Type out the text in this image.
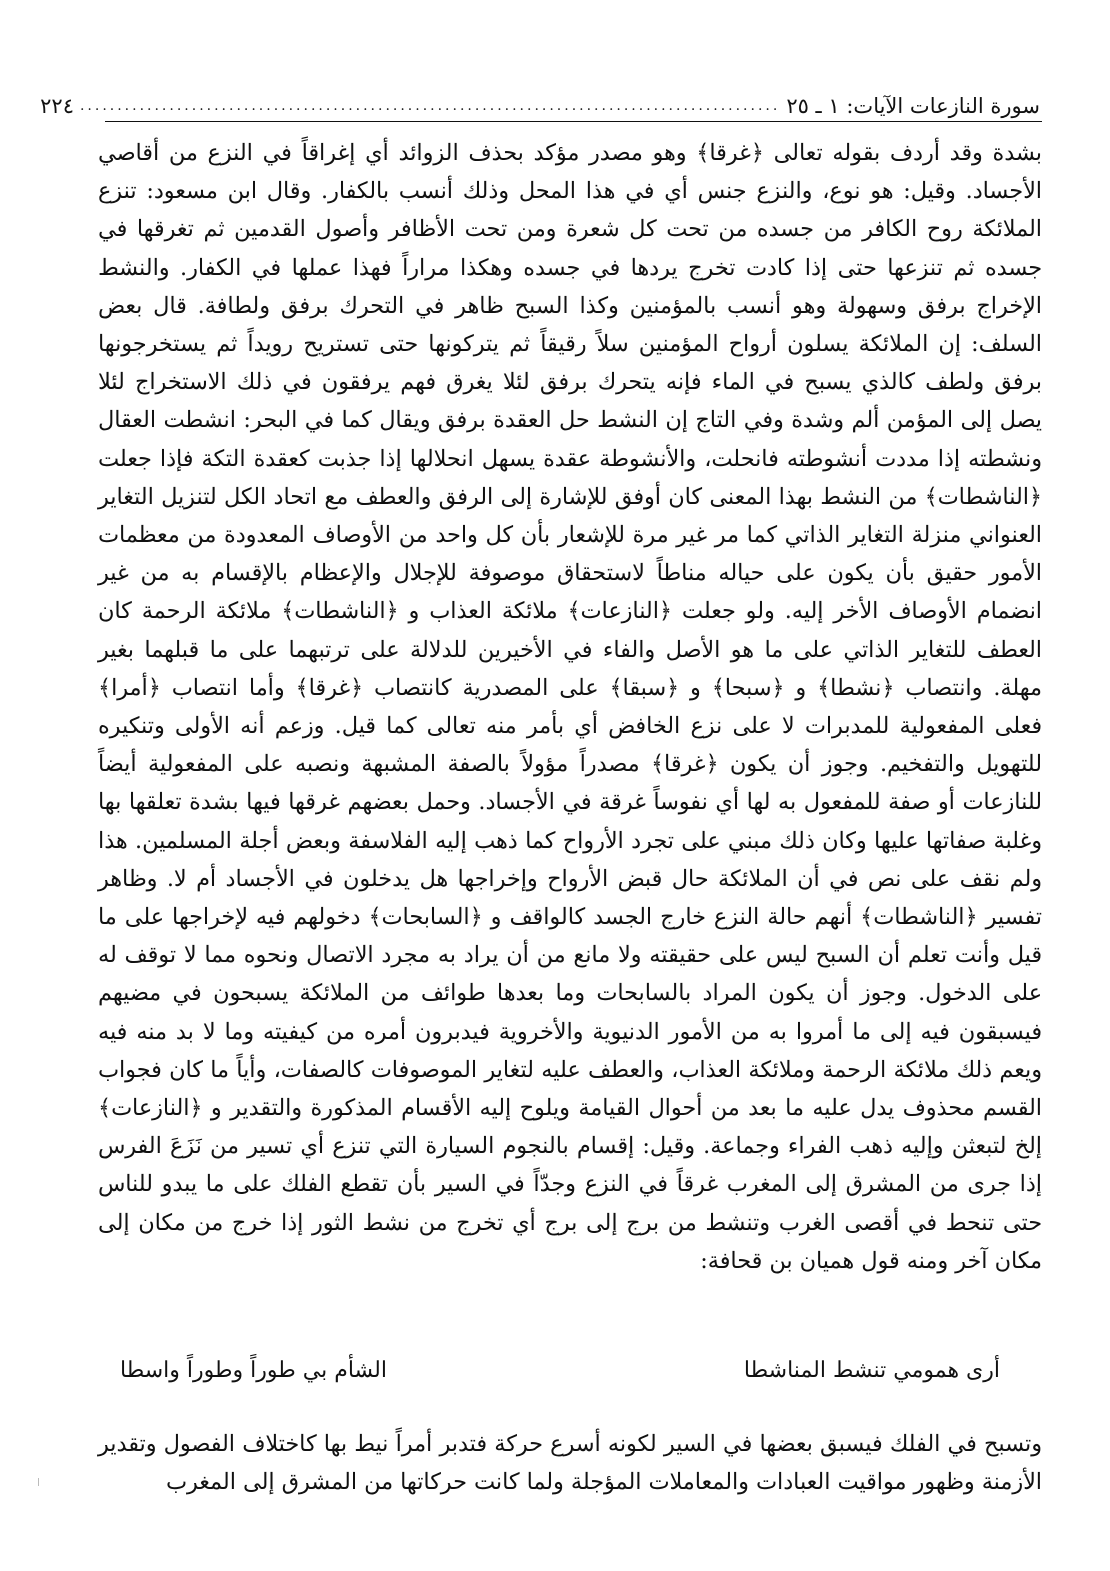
سورة النازعات الآيات: ١ ـ ٢٥
..............................................................................................
٢٢٤

بشدة وقد أردف بقوله تعالى ﴿غرقا﴾ وهو مصدر مؤكد بحذف الزوائد أي إغراقاً في النزع من أقاصي الأجساد. وقيل: هو نوع، والنزع جنس أي في هذا المحل وذلك أنسب بالكفار. وقال ابن مسعود: تنزع الملائكة روح الكافر من جسده من تحت كل شعرة ومن تحت الأظافر وأصول القدمين ثم تغرقها في جسده ثم تنزعها حتى إذا كادت تخرج يردها في جسده وهكذا مراراً فهذا عملها في الكفار. والنشط الإخراج برفق وسهولة وهو أنسب بالمؤمنين وكذا السبح ظاهر في التحرك برفق ولطافة. قال بعض السلف: إن الملائكة يسلون أرواح المؤمنين سلاً رقيقاً ثم يتركونها حتى تستريح رويداً ثم يستخرجونها برفق ولطف كالذي يسبح في الماء فإنه يتحرك برفق لئلا يغرق فهم يرفقون في ذلك الاستخراج لئلا يصل إلى المؤمن ألم وشدة وفي التاج إن النشط حل العقدة برفق ويقال كما في البحر: انشطت العقال ونشطته إذا مددت أنشوطته فانحلت، والأنشوطة عقدة يسهل انحلالها إذا جذبت كعقدة التكة فإذا جعلت ﴿الناشطات﴾ من النشط بهذا المعنى كان أوفق للإشارة إلى الرفق والعطف مع اتحاد الكل لتنزيل التغاير العنواني منزلة التغاير الذاتي كما مر غير مرة للإشعار بأن كل واحد من الأوصاف المعدودة من معظمات الأمور حقيق بأن يكون على حياله مناطاً لاستحقاق موصوفة للإجلال والإعظام بالإقسام به من غير انضمام الأوصاف الأخر إليه. ولو جعلت ﴿النازعات﴾ ملائكة العذاب و ﴿الناشطات﴾ ملائكة الرحمة كان العطف للتغاير الذاتي على ما هو الأصل والفاء في الأخيرين للدلالة على ترتبهما على ما قبلهما بغير مهلة. وانتصاب ﴿نشطا﴾ و ﴿سبحا﴾ و ﴿سبقا﴾ على المصدرية كانتصاب ﴿غرقا﴾ وأما انتصاب ﴿أمرا﴾ فعلى المفعولية للمدبرات لا على نزع الخافض أي بأمر منه تعالى كما قيل. وزعم أنه الأولى وتنكيره للتهويل والتفخيم. وجوز أن يكون ﴿غرقا﴾ مصدراً مؤولاً بالصفة المشبهة ونصبه على المفعولية أيضاً للنازعات أو صفة للمفعول به لها أي نفوساً غرقة في الأجساد. وحمل بعضهم غرقها فيها بشدة تعلقها بها وغلبة صفاتها عليها وكان ذلك مبني على تجرد الأرواح كما ذهب إليه الفلاسفة وبعض أجلة المسلمين. هذا ولم نقف على نص في أن الملائكة حال قبض الأرواح وإخراجها هل يدخلون في الأجساد أم لا. وظاهر تفسير ﴿الناشطات﴾ أنهم حالة النزع خارج الجسد كالواقف و ﴿السابحات﴾ دخولهم فيه لإخراجها على ما قيل وأنت تعلم أن السبح ليس على حقيقته ولا مانع من أن يراد به مجرد الاتصال ونحوه مما لا توقف له على الدخول. وجوز أن يكون المراد بالسابحات وما بعدها طوائف من الملائكة يسبحون في مضيهم فيسبقون فيه إلى ما أمروا به من الأمور الدنيوية والأخروية فيدبرون أمره من كيفيته وما لا بد منه فيه ويعم ذلك ملائكة الرحمة وملائكة العذاب، والعطف عليه لتغاير الموصوفات كالصفات، وأياً ما كان فجواب القسم محذوف يدل عليه ما بعد من أحوال القيامة ويلوح إليه الأقسام المذكورة والتقدير و ﴿النازعات﴾ إلخ لتبعثن وإليه ذهب الفراء وجماعة. وقيل: إقسام بالنجوم السيارة التي تنزع أي تسير من نَزَعَ الفرس إذا جرى من المشرق إلى المغرب غرقاً في النزع وجدّاً في السير بأن تقطع الفلك على ما يبدو للناس حتى تنحط في أقصى الغرب وتنشط من برج إلى برج أي تخرج من نشط الثور إذا خرج من مكان إلى مكان آخر ومنه قول هميان بن قحافة:

أرى همومي تنشط المناشطا
الشأم بي طوراً وطوراً واسطا

وتسبح في الفلك فيسبق بعضها في السير لكونه أسرع حركة فتدبر أمراً نيط بها كاختلاف الفصول وتقدير الأزمنة وظهور مواقيت العبادات والمعاملات المؤجلة ولما كانت حركاتها من المشرق إلى المغرب
